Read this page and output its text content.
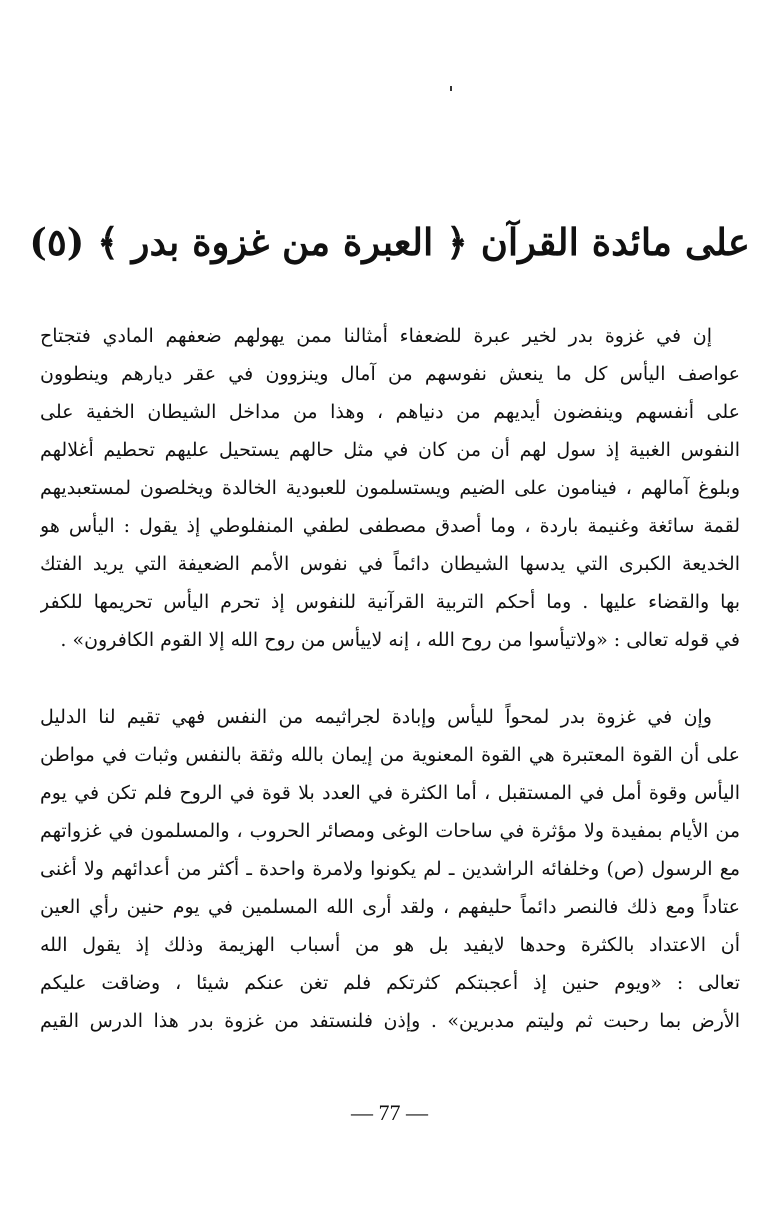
على مائدة القرآن ﴿ العبرة من غزوة بدر ﴾ (٥)
إن في غزوة بدر لخير عبرة للضعفاء أمثالنا ممن يهولهم ضعفهم المادي فتجتاح
عواصف اليأس كل ما ينعش نفوسهم من آمال وينزوون في عقر ديارهم وينطوون
على أنفسهم وينفضون أيديهم من دنياهم ، وهذا من مداخل الشيطان الخفية على
النفوس الغبية إذ سول لهم أن من كان في مثل حالهم يستحيل عليهم تحطيم أغلالهم
وبلوغ آمالهم ، فينامون على الضيم ويستسلمون للعبودية الخالدة ويخلصون لمستعبديهم
لقمة سائغة وغنيمة باردة ، وما أصدق مصطفى لطفي المنفلوطي إذ يقول : اليأس هو
الخديعة الكبرى التي يدسها الشيطان دائماً في نفوس الأمم الضعيفة التي يريد الفتك
بها والقضاء عليها . وما أحكم التربية القرآنية للنفوس إذ تحرم اليأس تحريمها للكفر
في قوله تعالى : «ولاتيأسوا من روح الله ، إنه لاييأس من روح الله إلا القوم الكافرون» .
وإن في غزوة بدر لمحواً لليأس وإبادة لجراثيمه من النفس فهي تقيم لنا الدليل
على أن القوة المعتبرة هي القوة المعنوية من إيمان بالله وثقة بالنفس وثبات في مواطن
اليأس وقوة أمل في المستقبل ، أما الكثرة في العدد بلا قوة في الروح فلم تكن في يوم
من الأيام بمفيدة ولا مؤثرة في ساحات الوغى ومصائر الحروب ، والمسلمون في غزواتهم
مع الرسول (ص) وخلفائه الراشدين ـ لم يكونوا ولامرة واحدة ـ أكثر من أعدائهم ولا أغنى
عتاداً ومع ذلك فالنصر دائماً حليفهم ، ولقد أرى الله المسلمين في يوم حنين رأي العين
أن الاعتداد بالكثرة وحدها لايفيد بل هو من أسباب الهزيمة وذلك إذ يقول الله
تعالى : «ويوم حنين إذ أعجبتكم كثرتكم فلم تغن عنكم شيئا ، وضاقت عليكم
الأرض بما رحبت ثم وليتم مدبرين» . وإذن فلنستفد من غزوة بدر هذا الدرس القيم
— 77 —
